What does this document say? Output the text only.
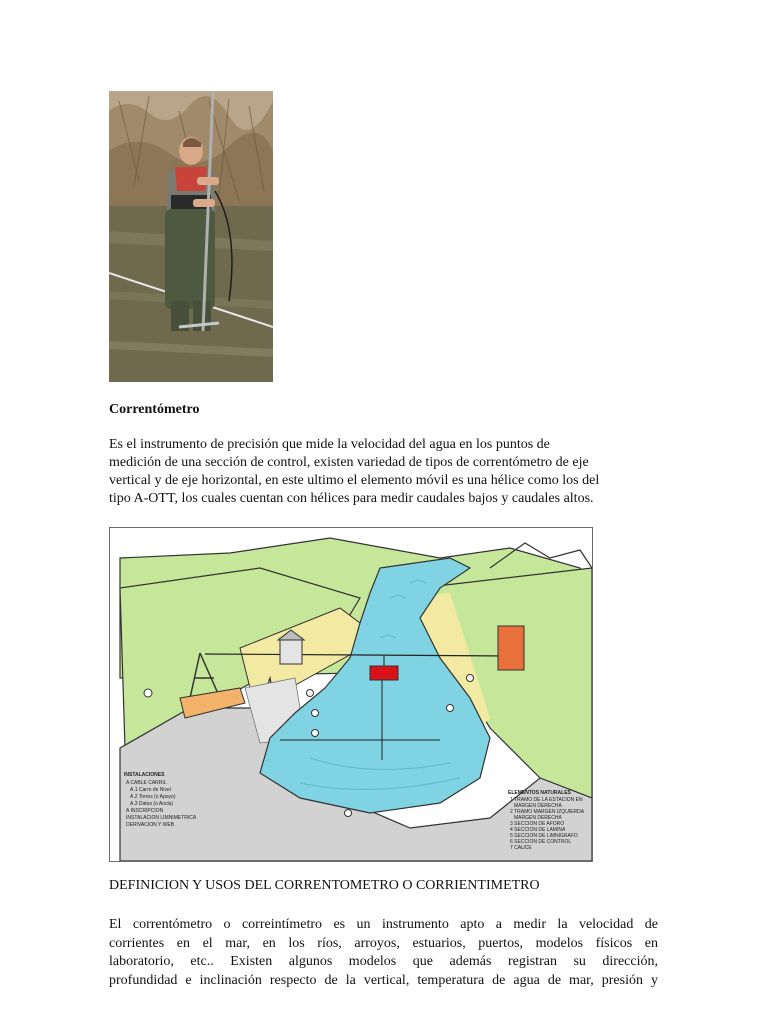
Correntómetro

Es el instrumento de precisión que mide la velocidad del agua en los puntos de
medición de una sección de control, existen variedad de tipos de correntómetro de eje
vertical y de eje horizontal, en este ultimo el elemento móvil es una hélice como los del
tipo A-OTT, los cuales cuentan con hélices para medir caudales bajos y caudales altos.

INSTALACIONES
A CABLE CARRIL
A.1 Carro de Nivel
A.2 Torres (o Apoyo)
A.3 Datos (o Ancla)
A INSCRIPCION
INSTALACION LIMNIMETRICA
DERIVACION Y WEB
ELEMENTOS NATURALES
1 TRAMO DE LA ESTACION EN
MARGEN DERECHA
2 TRAMO MARGEN IZQUIERDA
MARGEN DERECHA
3 SECCION DE AFORO
4 SECCION DE LAMINA
5 SECCION DE LIMNIGRAFO
6 SECCION DE CONTROL
7 CAUCE

DEFINICION Y USOS DEL CORRENTOMETRO O CORRIENTIMETRO

El correntómetro o correintímetro es un instrumento apto a medir la velocidad de
corrientes en el mar, en los ríos, arroyos, estuarios, puertos, modelos físicos en
laboratorio, etc.. Existen algunos modelos que además registran su dirección,
profundidad e inclinación respecto de la vertical, temperatura de agua de mar, presión y
